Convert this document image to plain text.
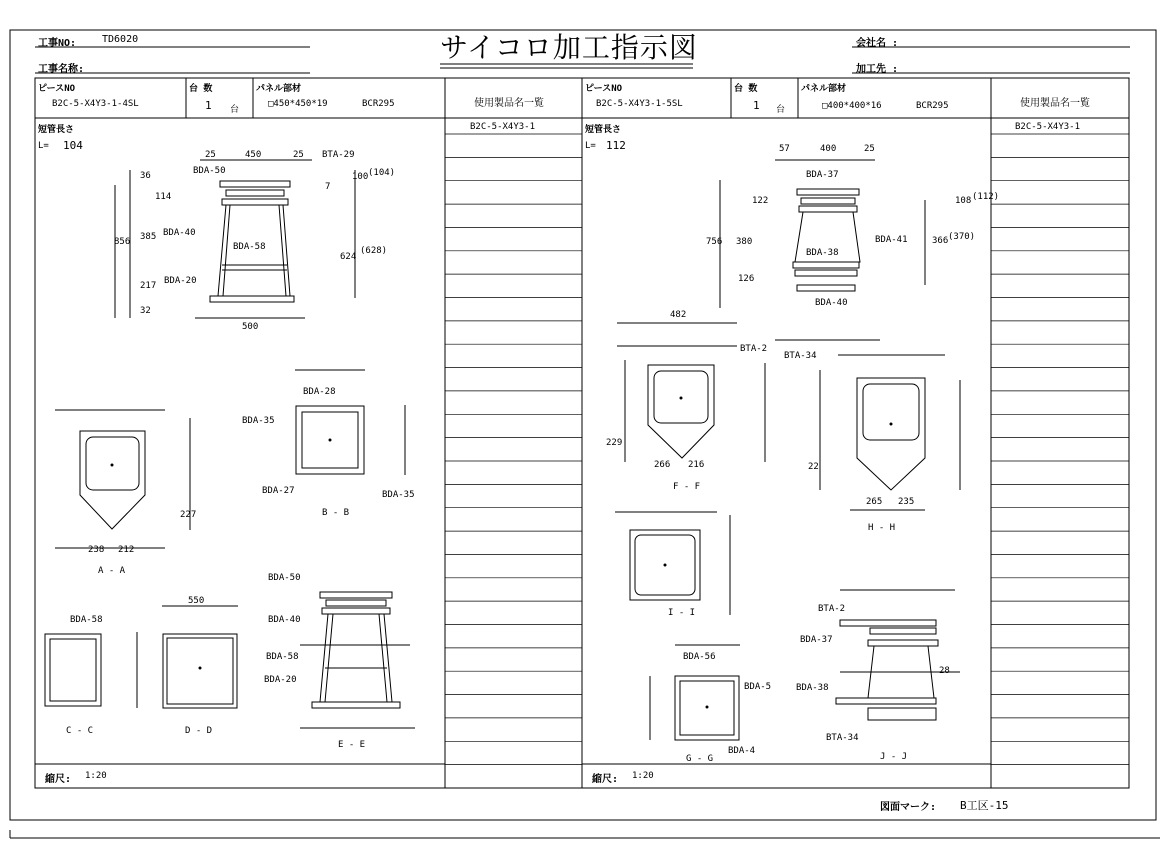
工事NO:	TD6020
工事名称:
サイコロ加工指示図	会社名 :
加工先 :
ピースNO
B2C-5-X4Y3-1-4SL
台 数
1 台
パネル部材
□450*450*19	BCR295	使用製品名一覧
B2C-5-X4Y3-1
短管長さ
L= 104
縮尺: 1:20
A - A
B - B
C - C	D - D
E - E
BDA-50
BTA-29
BDA-40
BDA-58
BDA-20
BDA-28
BDA-35
BDA-27	BDA-35
BDA-58
BDA-50
BDA-40
BDA-58
BDA-20
25	450	25
500
856 385
624
(628)
100 (104)
36
114
217
32
7
238 212
227
550
ピースNO
B2C-5-X4Y3-1-5SL
台 数
1 台
パネル部材
□400*400*16	BCR295	使用製品名一覧
B2C-5-X4Y3-1
短管長さ
L= 112
縮尺: 1:20
F - F
G - G
H - H
I - I
J - J
BDA-37
BDA-41
BDA-38
BDA-40
BTA-2
BTA-34
BDA-56
BDA-5
BDA-4
BTA-2
BDA-37
BDA-38
BTA-34
57	400	25
482
756 380	366 (370)
108 (112)
122
126
266 216
265 235
229
22
28
図面マーク: B工区-15
